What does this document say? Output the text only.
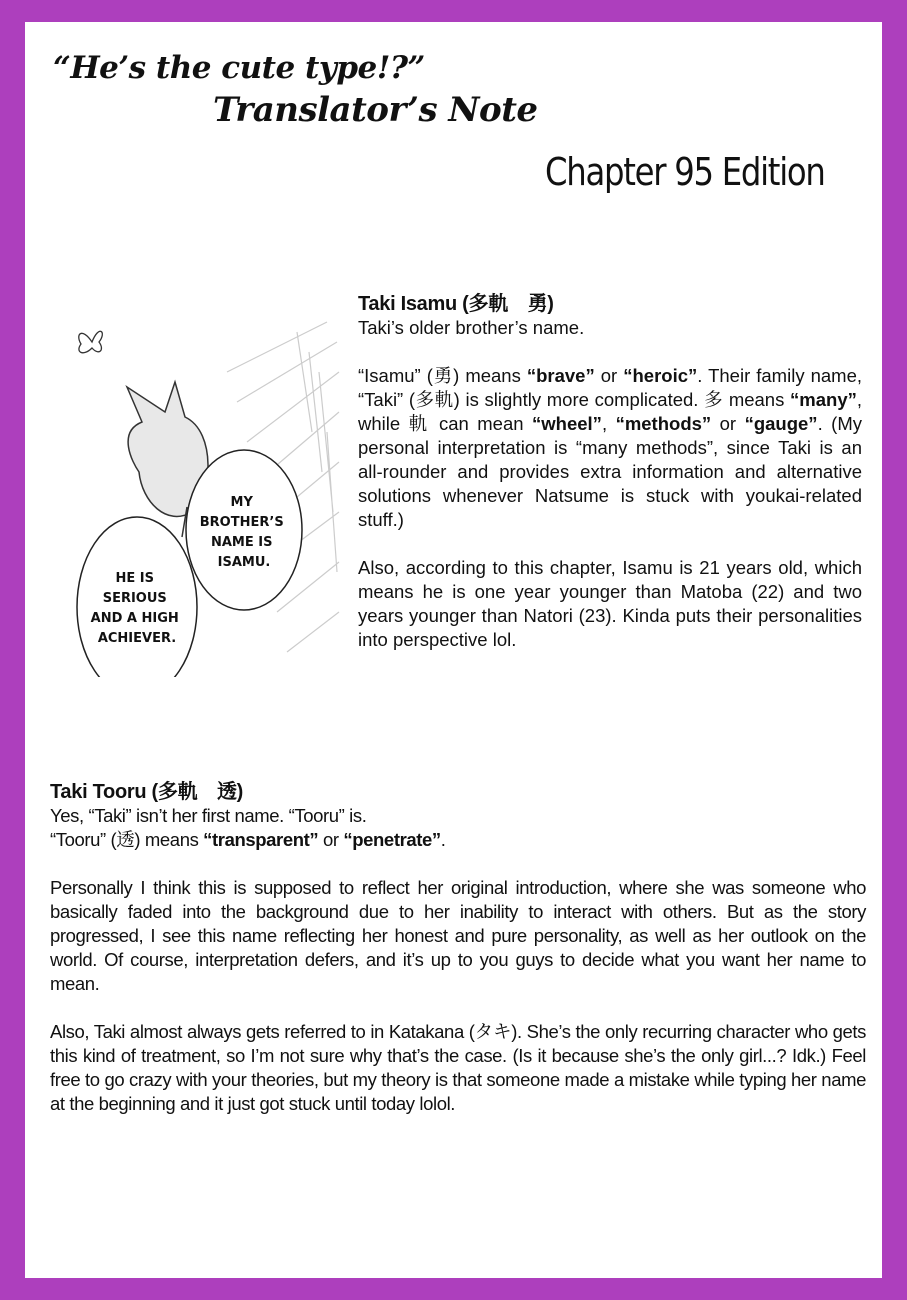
“He’s the cute type!?”
Translator’s Note
Chapter 95 Edition
MY BROTHER’S NAME IS ISAMU.
HE IS SERIOUS AND A HIGH ACHIEVER.
Taki Isamu (多軌　勇)

Taki’s older brother’s name.

“Isamu” (勇) means “brave” or “heroic”. Their family name, “Taki” (多軌) is slightly more complicated. 多 means “many”, while 軌 can mean “wheel”, “methods” or “gauge”. (My personal interpretation is “many methods”, since Taki is an all-rounder and provides extra information and alternative solutions whenever Natsume is stuck with youkai-related stuff.)

Also, according to this chapter, Isamu is 21 years old, which means he is one year younger than Matoba (22) and two years younger than Natori (23). Kinda puts their personalities into perspective lol.

Taki Tooru (多軌　透)

Yes, “Taki” isn’t her first name. “Tooru” is.

“Tooru” (透) means “transparent” or “penetrate”.

Personally I think this is supposed to reflect her original introduction, where she was someone who basically faded into the background due to her inability to interact with others. But as the story progressed, I see this name reflecting her honest and pure personality, as well as her outlook on the world. Of course, interpretation defers, and it’s up to you guys to decide what you want her name to mean.

Also, Taki almost always gets referred to in Katakana (タキ). She’s the only recurring character who gets this kind of treatment, so I’m not sure why that’s the case. (Is it because she’s the only girl...? Idk.) Feel free to go crazy with your theories, but my theory is that someone made a mistake while typing her name at the beginning and it just got stuck until today lolol.
